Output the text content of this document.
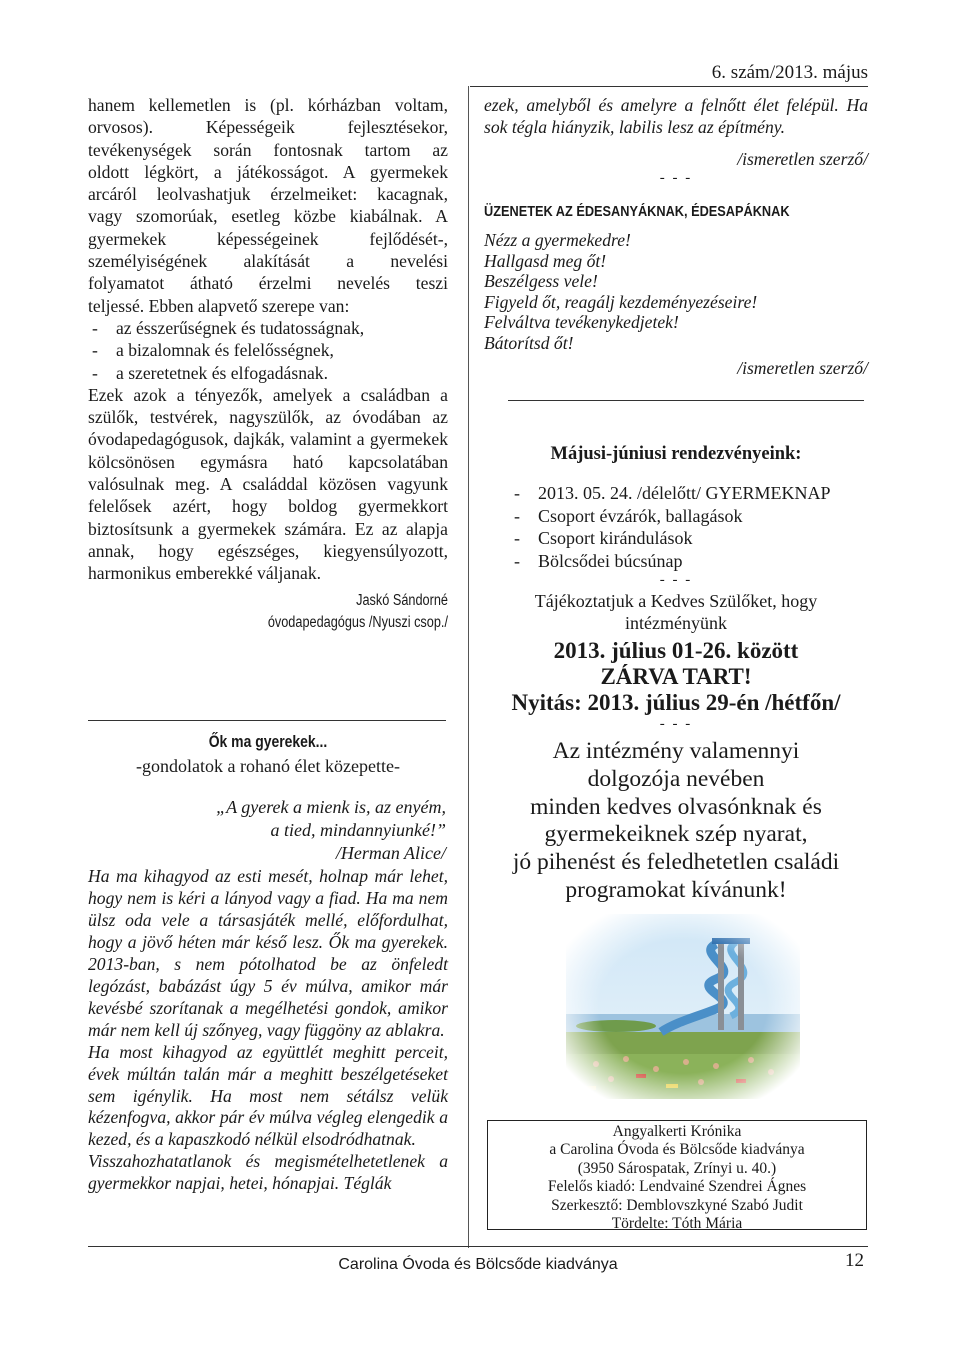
6. szám/2013. május

hanem kellemetlen is (pl. kórházban voltam,

orvosos). Képességeik fejlesztésekor,

tevékenységek során fontosnak tartom az

oldott légkört, a játékosságot. A gyermekek

arcáról leolvashatjuk érzelmeiket: kacagnak,

vagy szomorúak, esetleg közbe kiabálnak. A

gyermekek képességeinek fejlődését-,

személyiségének alakítását a nevelési

folyamatot átható érzelmi nevelés teszi

teljessé. Ebben alapvető szerepe van:

- az ésszerűségnek és tudatosságnak,
- a bizalomnak és felelősségnek,
- a szeretetnek és elfogadásnak.

Ezek azok a tényezők, amelyek a családban a szülők, testvérek, nagyszülők, az óvodában az óvodapedagógusok, dajkák, valamint a gyermekek kölcsönösen egymásra ható kapcsolatában valósulnak meg. A családdal közösen vagyunk felelősek azért, hogy boldog gyermekkort biztosítsunk a gyermekek számára. Ez az alapja annak, hogy egészséges, kiegyensúlyozott, harmonikus emberekké váljanak.

Jaskó Sándorné
óvodapedagógus /Nyuszi csop./
Ők ma gyerekek...
-gondolatok a rohanó élet közepette-
„A gyerek a mienk is, az enyém,
a tied, mindannyiunké!”
/Herman Alice/

Ha ma kihagyod az esti mesét, holnap már lehet, hogy nem is kéri a lányod vagy a fiad. Ha ma nem ülsz oda vele a társasjáték mellé, előfordulhat, hogy a jövő héten már késő lesz. Ők ma gyerekek. 2013-ban, s nem pótolhatod be az önfeledt legózást, babázást úgy 5 év múlva, amikor már kevésbé szorítanak a megélhetési gondok, amikor már nem kell új szőnyeg, vagy függöny az ablakra.

Ha most kihagyod az együttlét meghitt perceit, évek múltán talán már a meghitt beszélgetéseket sem igénylik. Ha most nem sétálsz velük kézenfogva, akkor pár év múlva végleg elengedik a kezed, és a kapaszkodó nélkül elsodródhatnak.

Visszahozhatatlanok és megismételhetetlenek a gyermekkor napjai, hetei, hónapjai. Téglák

ezek, amelyből és amelyre a felnőtt élet felépül. Ha sok tégla hiányzik, labilis lesz az építmény.
/ismeretlen szerző/
- - -
ÜZENETEK AZ ÉDESANYÁKNAK, ÉDESAPÁKNAK
Nézz a gyermekedre!
Hallgasd meg őt!
Beszélgess vele!
Figyeld őt, reagálj kezdeményezéseire!
Felváltva tevékenykedjetek!
Bátorítsd őt!
/ismeretlen szerző/
Májusi-júniusi rendezvényeink:
- 2013. 05. 24. /délelőtt/ GYERMEKNAP
- Csoport évzárók, ballagások
- Csoport kirándulások
- Bölcsődei búcsúnap
- - -
Tájékoztatjuk a Kedves Szülőket, hogy
intézményünk
2013. július 01-26. között
ZÁRVA TART!
Nyitás: 2013. július 29-én /hétfőn/
- - -
Az intézmény valamennyi
dolgozója nevében
minden kedves olvasónknak és
gyermekeiknek szép nyarat,
jó pihenést és feledhetetlen családi
programokat kívánunk!
Angyalkerti Krónika
a Carolina Óvoda és Bölcsőde kiadványa
(3950 Sárospatak, Zrínyi u. 40.)
Felelős kiadó: Lendvainé Szendrei Ágnes
Szerkesztő: Demblovszkyné Szabó Judit
Tördelte: Tóth Mária
Carolina Óvoda és Bölcsőde kiadványa	12
